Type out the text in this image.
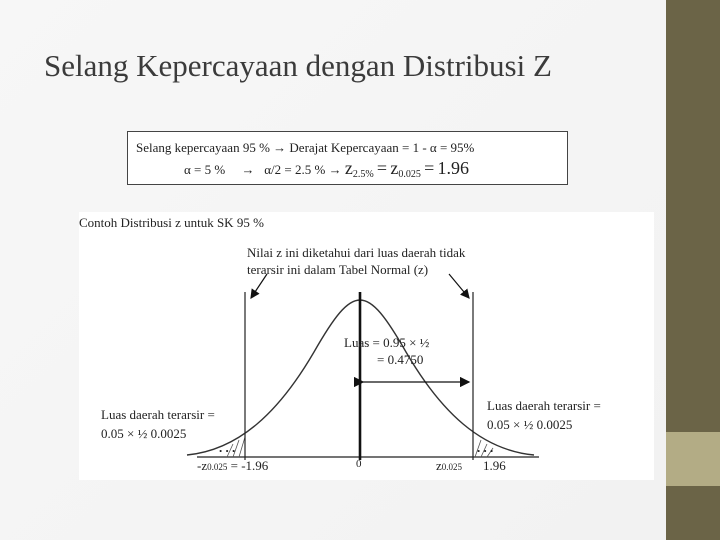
Selang Kepercayaan dengan Distribusi Z
Selang kepercayaan 95 % → Derajat Kepercayaan = 1 - α = 95%
α = 5 % → α/2 = 2.5 % → $z_{2.5\%} = z_{0.025} = 1.96$
Contoh Distribusi z untuk SK 95 %
Nilai z ini diketahui dari luas daerah tidak
terarsir ini dalam Tabel Normal (z)
Luas = 0.95 × ½
= 0.4750
Luas daerah terarsir =
0.05 × ½ 0.0025
Luas daerah terarsir =
0.05 × ½ 0.0025
. . .	. . .
-z0.025 = -1.96	0	z0.025 1.96
